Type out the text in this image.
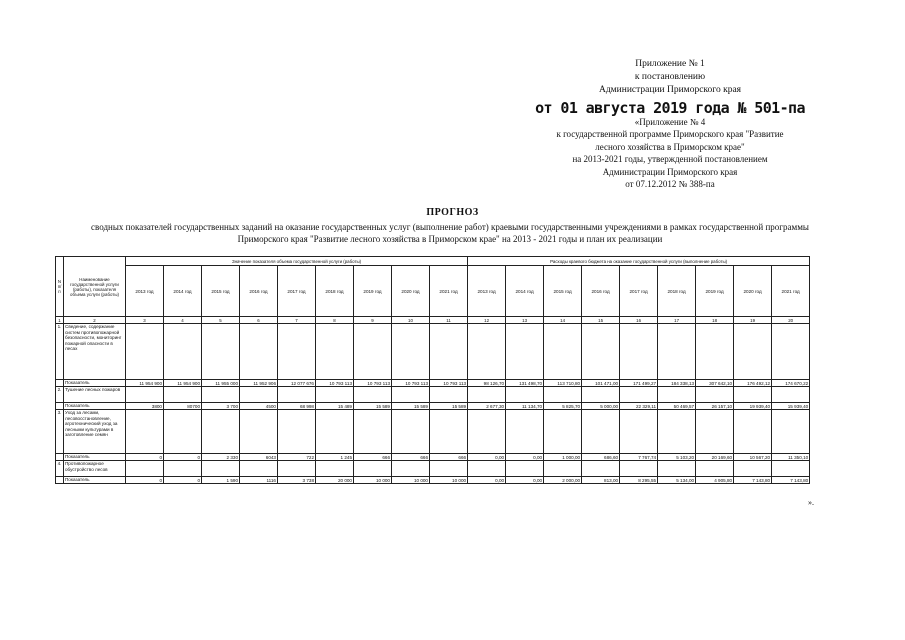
Приложение № 1
к постановлению
Администрации Приморского края
от 01 августа 2019 года № 501-па
«Приложение № 4
к государственной программе Приморского края "Развитие
лесного хозяйства в Приморском крае"
на 2013-2021 годы, утвержденной постановлением
Администрации Приморского края
от 07.12.2012 № 388-па
ПРОГНОЗ
сводных показателей государственных заданий на оказание государственных услуг (выполнение работ) краевыми государственными учреждениями в рамках государственной программы
Приморского края "Развитие лесного хозяйства в Приморском крае" на 2013 - 2021 годы и план их реализации
N п/п	Наименование государственной услуги (работы), показателя объема услуги (работы)	Значение показателя объема государственной услуги (работы)									Расходы краевого бюджета на оказание государственной услуги (выполнение работы)								
		2013 год	2014 год	2015 год	2016 год	2017 год	2018 год	2019 год	2020 год	2021 год	2013 год	2014 год	2015 год	2016 год	2017 год	2018 год	2019 год	2020 год	2021 год
1	2	3	4	5	6	7	8	9	10	11	12	13	14	15	16	17	18	19	20
1.	Сведение, содержание систем противопожарной безопасности, мониторинг пожарной опасности в лесах																		
	Показатель	11 954 900	11 954 900	11 955 000	11 952 906	12 077 676	10 793 113	10 793 113	10 793 113	10 793 113	98 126,70	131 498,70	113 710,80	101 471,00	171 499,27	184 338,13	307 642,10	176 492,12	174 670,22
2.	Тушение лесных пожаров																		
	Показатель	3800	80700	3 700	4500	68 998	15 489	15 589	15 589	15 589	2 677,30	11 134,70	5 825,70	5 000,00	22 329,11	50 469,57	26 157,10	19 939,40	15 939,40
3.	Уход за лесами, лесовосстановление, агротехнический уход за лесными культурами в заготовление семян																		
	Показатель	0	0	2 330	6043	722	1 245	666	666	666	0,00	0,00	1 000,00	686,60	7 767,74	5 103,20	20 169,60	10 567,20	11 350,10
4.	Противопожарное обустройство лесов																		
	Показатель	0	0	1 590	1116	3 738	20 000	10 000	10 000	10 000	0,00	0,00	2 000,00	813,00	8 295,55	5 134,00	4 905,80	7 143,80	7 143,80
».
